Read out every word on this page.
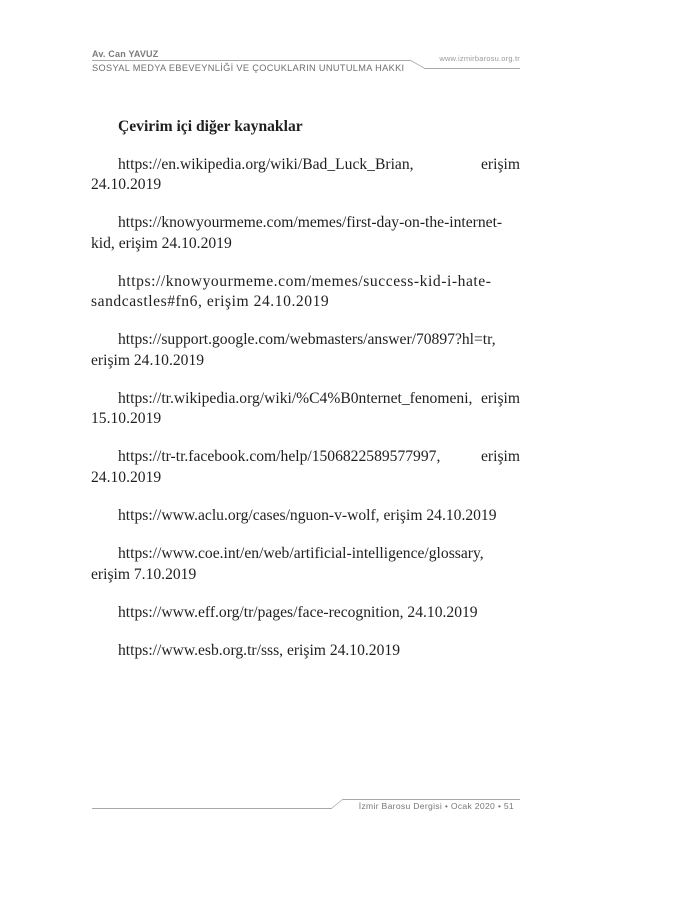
Av. Can YAVUZ	www.izmirbarosu.org.tr
SOSYAL MEDYA EBEVEYNLİĞİ VE ÇOCUKLARIN UNUTULMA HAKKI
Çevirim içi diğer kaynaklar
https://en.wikipedia.org/wiki/Bad_Luck_Brian, erişim 24.10.2019
https://knowyourmeme.com/memes/first-day-on-the-internet-kid, erişim 24.10.2019
https://knowyourmeme.com/memes/success-kid-i-hate-sandcastles#fn6, erişim 24.10.2019
https://support.google.com/webmasters/answer/70897?hl=tr, erişim 24.10.2019
https://tr.wikipedia.org/wiki/%C4%B0nternet_fenomeni, erişim 15.10.2019
https://tr-tr.facebook.com/help/1506822589577997, erişim 24.10.2019
https://www.aclu.org/cases/nguon-v-wolf, erişim 24.10.2019
https://www.coe.int/en/web/artificial-intelligence/glossary, erişim 7.10.2019
https://www.eff.org/tr/pages/face-recognition, 24.10.2019
https://www.esb.org.tr/sss, erişim 24.10.2019
İzmir Barosu Dergisi • Ocak 2020 • 51
